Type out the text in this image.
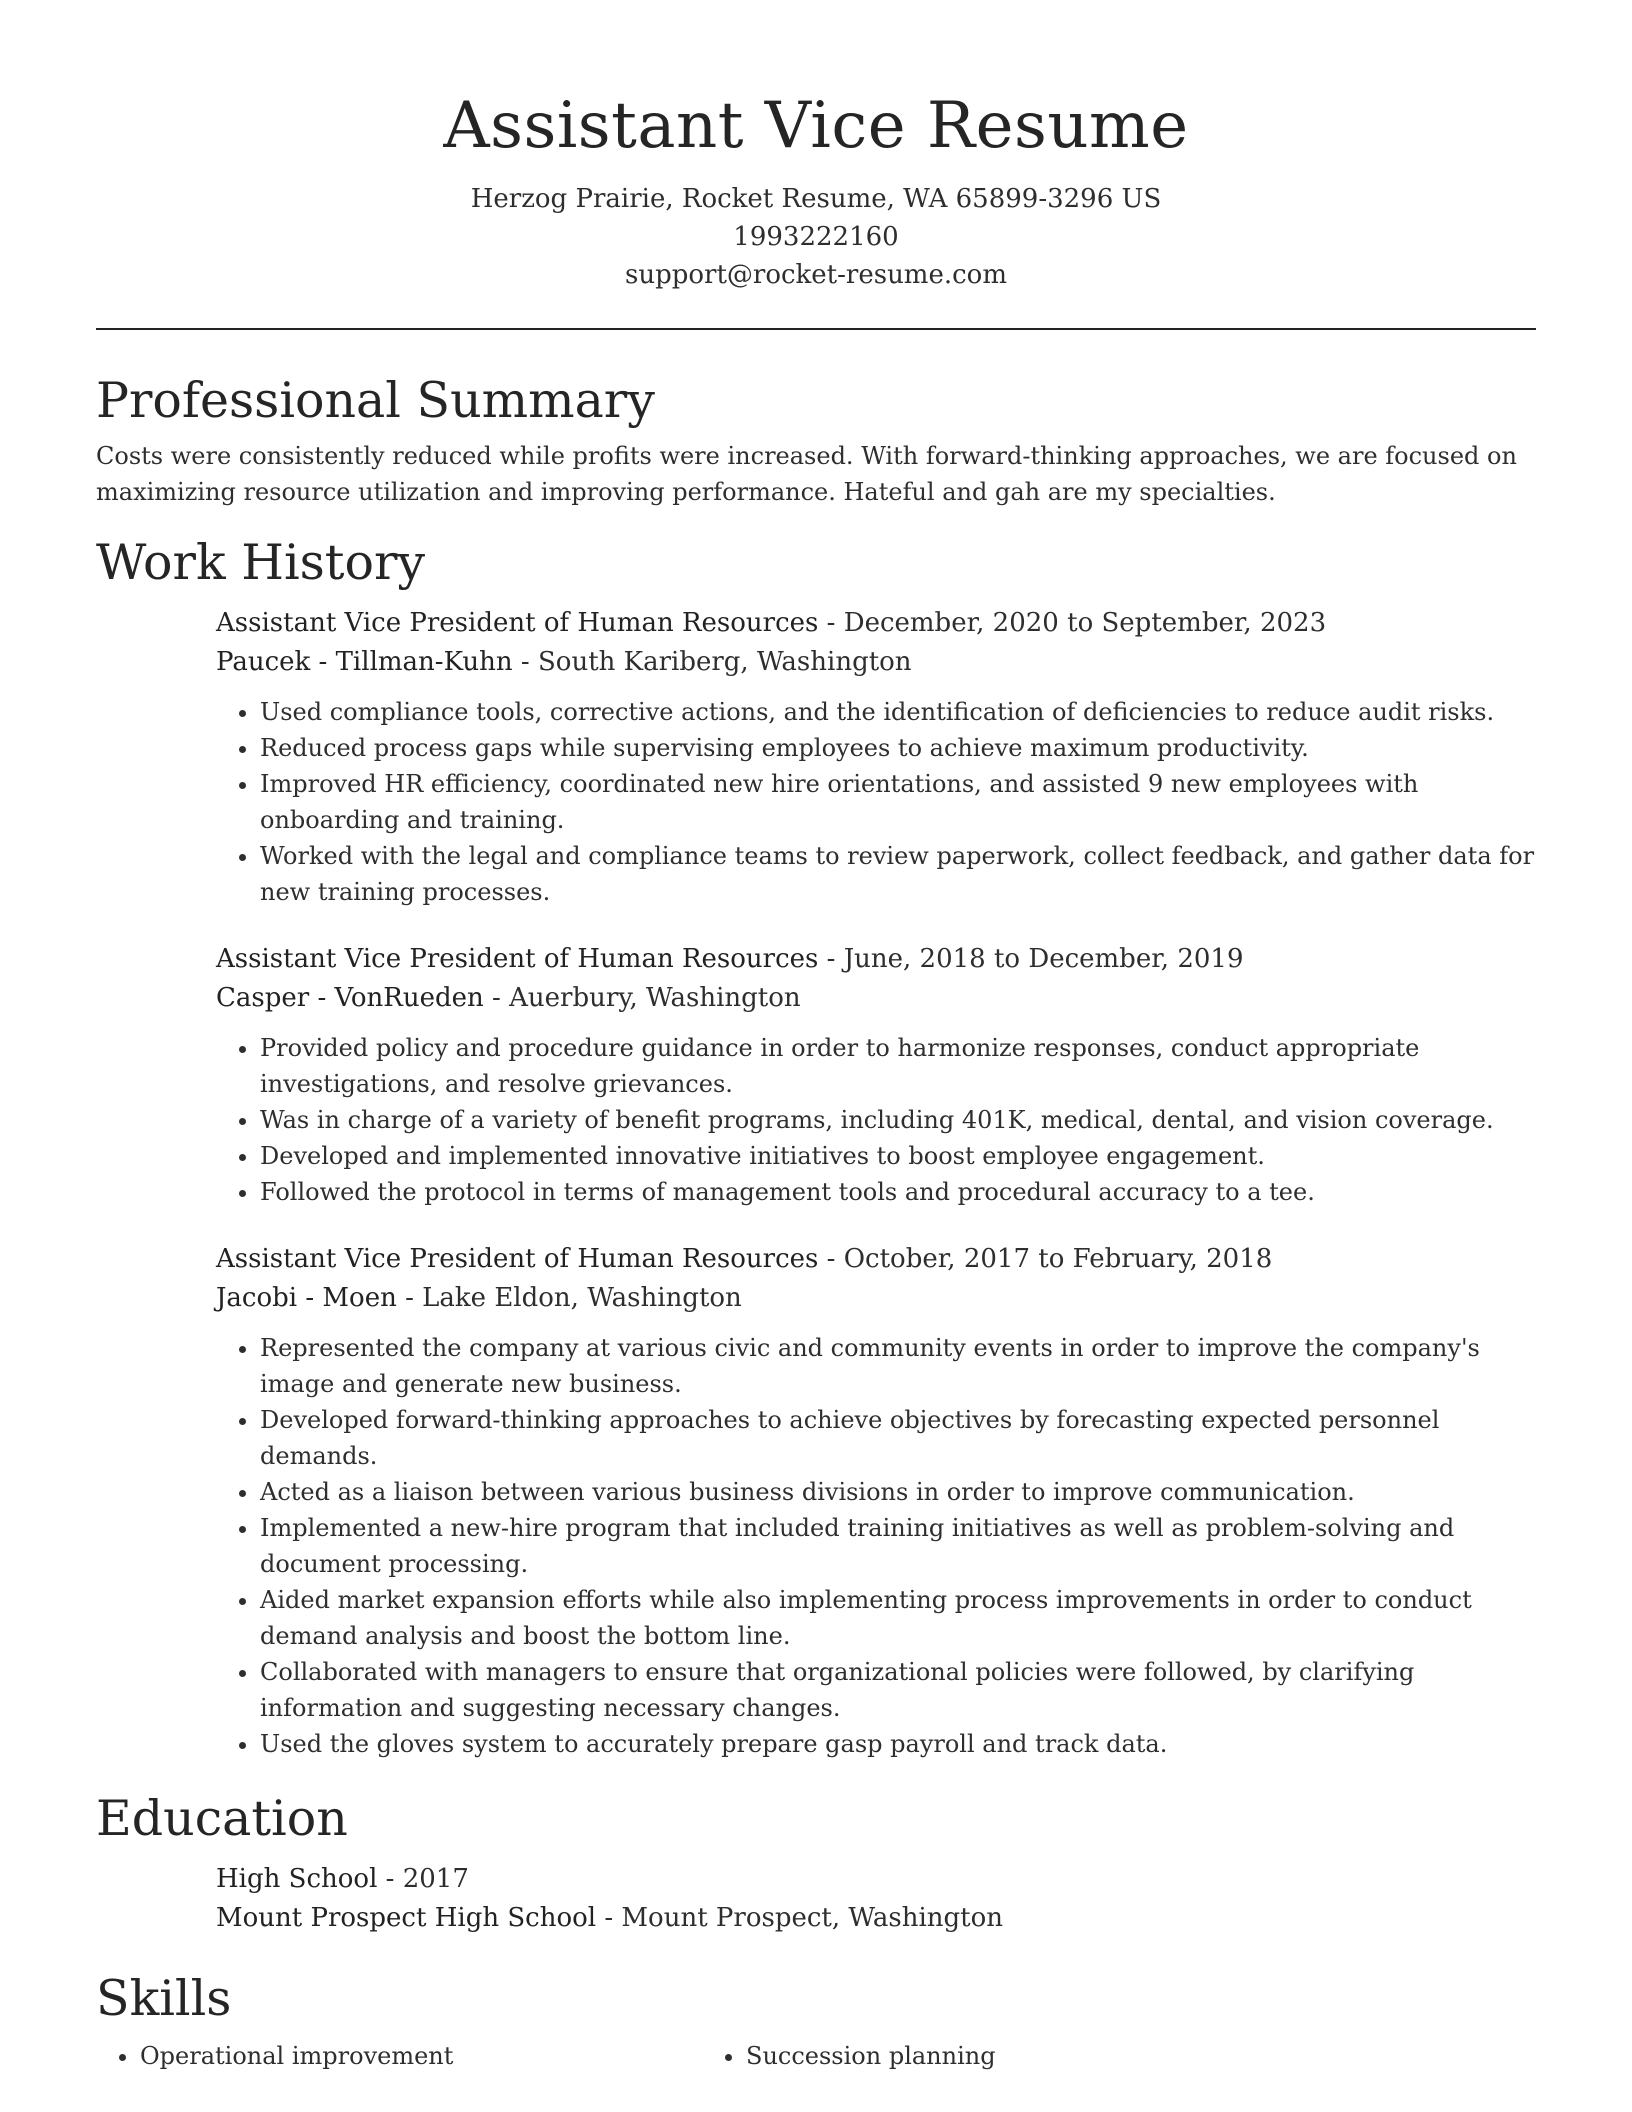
Assistant Vice Resume
Herzog Prairie, Rocket Resume, WA 65899-3296 US
1993222160
support@rocket-resume.com
Professional Summary

Costs were consistently reduced while profits were increased. With forward-thinking approaches, we are focused on maximizing resource utilization and improving performance. Hateful and gah are my specialties.

Work History
Assistant Vice President of Human Resources - December, 2020 to September, 2023
Paucek - Tillman-Kuhn - South Kariberg, Washington
• Used compliance tools, corrective actions, and the identification of deficiencies to reduce audit risks.
• Reduced process gaps while supervising employees to achieve maximum productivity.
• Improved HR efficiency, coordinated new hire orientations, and assisted 9 new employees with onboarding and training.
• Worked with the legal and compliance teams to review paperwork, collect feedback, and gather data for new training processes.
Assistant Vice President of Human Resources - June, 2018 to December, 2019
Casper - VonRueden - Auerbury, Washington
• Provided policy and procedure guidance in order to harmonize responses, conduct appropriate investigations, and resolve grievances.
• Was in charge of a variety of benefit programs, including 401K, medical, dental, and vision coverage.
• Developed and implemented innovative initiatives to boost employee engagement.
• Followed the protocol in terms of management tools and procedural accuracy to a tee.
Assistant Vice President of Human Resources - October, 2017 to February, 2018
Jacobi - Moen - Lake Eldon, Washington
• Represented the company at various civic and community events in order to improve the company's image and generate new business.
• Developed forward-thinking approaches to achieve objectives by forecasting expected personnel demands.
• Acted as a liaison between various business divisions in order to improve communication.
• Implemented a new-hire program that included training initiatives as well as problem-solving and document processing.
• Aided market expansion efforts while also implementing process improvements in order to conduct demand analysis and boost the bottom line.
• Collaborated with managers to ensure that organizational policies were followed, by clarifying information and suggesting necessary changes.
• Used the gloves system to accurately prepare gasp payroll and track data.
Education
High School - 2017
Mount Prospect High School - Mount Prospect, Washington
Skills
• Operational improvement
•	Succession planning
